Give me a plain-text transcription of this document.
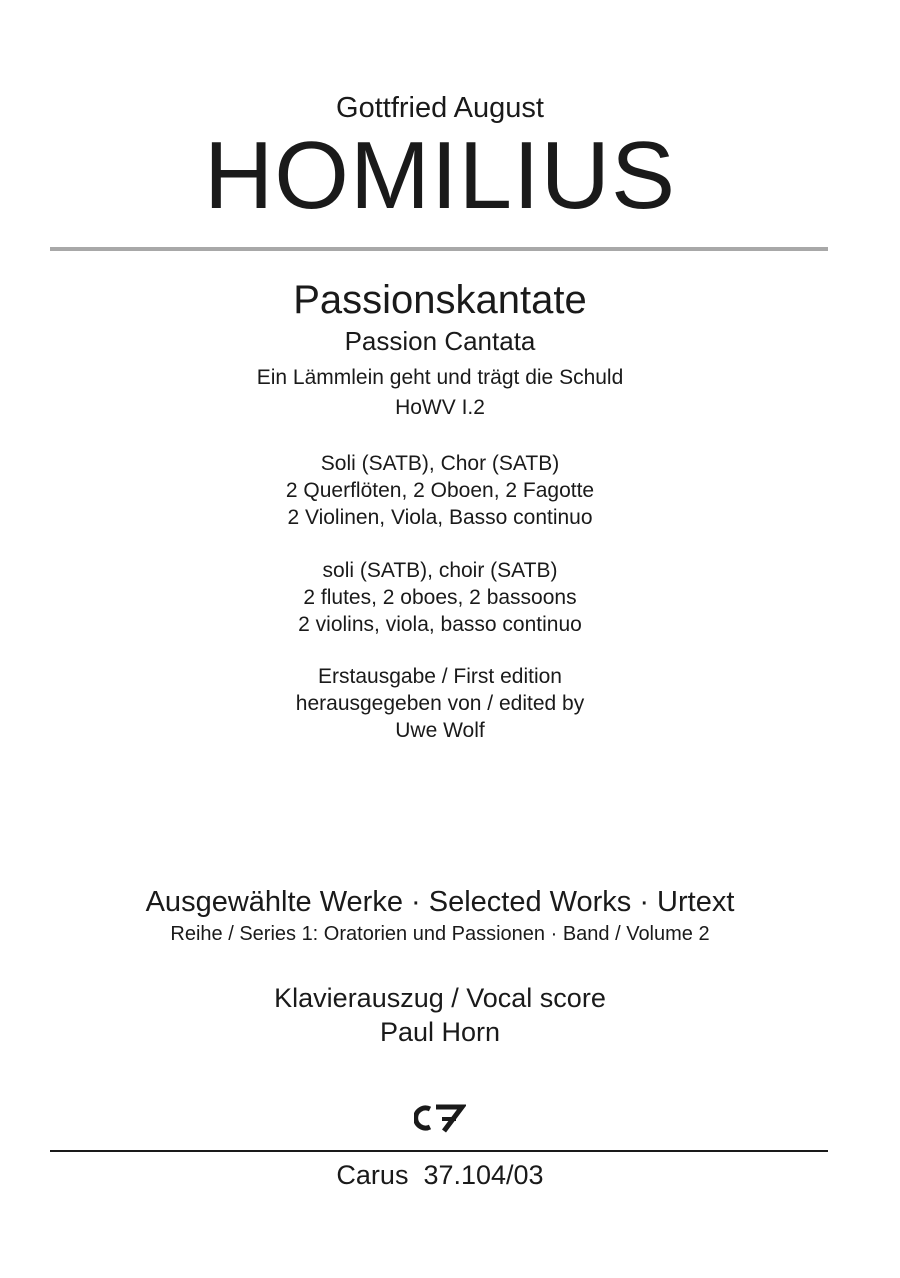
Gottfried August
HOMILIUS
Passionskantate
Passion Cantata
Ein Lämmlein geht und trägt die Schuld
HoWV I.2
Soli (SATB), Chor (SATB)
2 Querflöten, 2 Oboen, 2 Fagotte
2 Violinen, Viola, Basso continuo
soli (SATB), choir (SATB)
2 flutes, 2 oboes, 2 bassoons
2 violins, viola, basso continuo
Erstausgabe / First edition
herausgegeben von / edited by
Uwe Wolf
Ausgewählte Werke · Selected Works · Urtext
Reihe / Series 1: Oratorien und Passionen · Band / Volume 2
Klavierauszug / Vocal score
Paul Horn
Carus  37.104/03
